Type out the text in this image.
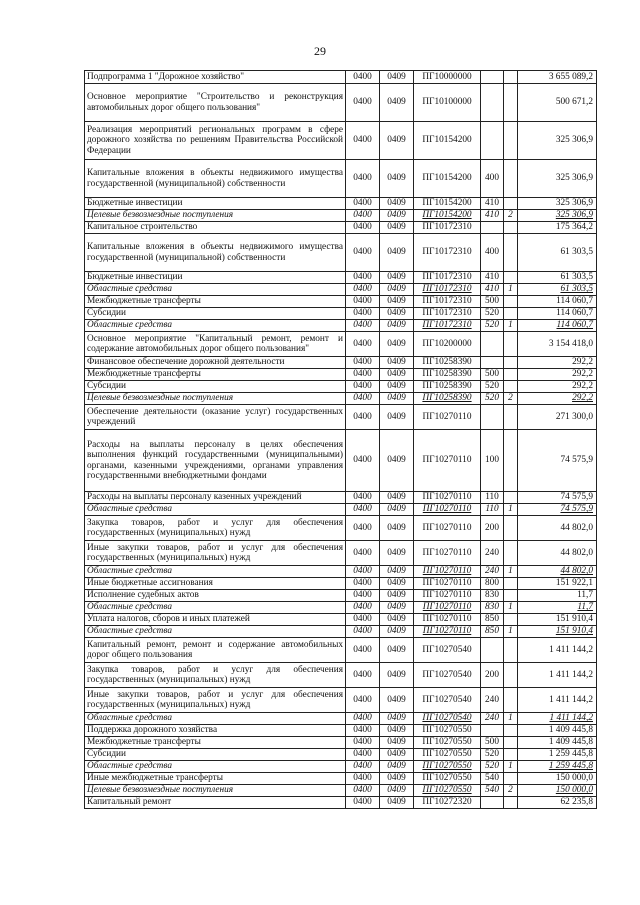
29
Подпрограмма 1 "Дорожное хозяйство"	0400	0409	ПГ10000000			3 655 089,2
Основное мероприятие "Строительство и реконструкция автомобильных дорог общего пользования"	0400	0409	ПГ10100000			500 671,2
Реализация мероприятий региональных программ в сфере дорожного хозяйства по решениям Правительства Российской Федерации	0400	0409	ПГ10154200			325 306,9
Капитальные вложения в объекты недвижимого имущества государственной (муниципальной) собственности	0400	0409	ПГ10154200	400		325 306,9
Бюджетные инвестиции	0400	0409	ПГ10154200	410		325 306,9
Целевые безвозмездные поступления	0400	0409	ПГ10154200	410	2	325 306,9
Капитальное строительство	0400	0409	ПГ10172310			175 364,2
Капитальные вложения в объекты недвижимого имущества государственной (муниципальной) собственности	0400	0409	ПГ10172310	400		61 303,5
Бюджетные инвестиции	0400	0409	ПГ10172310	410		61 303,5
Областные средства	0400	0409	ПГ10172310	410	1	61 303,5
Межбюджетные трансферты	0400	0409	ПГ10172310	500		114 060,7
Субсидии	0400	0409	ПГ10172310	520		114 060,7
Областные средства	0400	0409	ПГ10172310	520	1	114 060,7
Основное мероприятие "Капитальный ремонт, ремонт и содержание автомобильных дорог общего пользования"	0400	0409	ПГ10200000			3 154 418,0
Финансовое обеспечение дорожной деятельности	0400	0409	ПГ10258390			292,2
Межбюджетные трансферты	0400	0409	ПГ10258390	500		292,2
Субсидии	0400	0409	ПГ10258390	520		292,2
Целевые безвозмездные поступления	0400	0409	ПГ10258390	520	2	292,2
Обеспечение деятельности (оказание услуг) государственных учреждений	0400	0409	ПГ10270110			271 300,0
Расходы на выплаты персоналу в целях обеспечения выполнения функций государственными (муниципальными) органами, казенными учреждениями, органами управления государственными внебюджетными фондами	0400	0409	ПГ10270110	100		74 575,9
Расходы на выплаты персоналу казенных учреждений	0400	0409	ПГ10270110	110		74 575,9
Областные средства	0400	0409	ПГ10270110	110	1	74 575,9
Закупка товаров, работ и услуг для обеспечения государственных (муниципальных) нужд	0400	0409	ПГ10270110	200		44 802,0
Иные закупки товаров, работ и услуг для обеспечения государственных (муниципальных) нужд	0400	0409	ПГ10270110	240		44 802,0
Областные средства	0400	0409	ПГ10270110	240	1	44 802,0
Иные бюджетные ассигнования	0400	0409	ПГ10270110	800		151 922,1
Исполнение судебных актов	0400	0409	ПГ10270110	830		11,7
Областные средства	0400	0409	ПГ10270110	830	1	11,7
Уплата налогов, сборов и иных платежей	0400	0409	ПГ10270110	850		151 910,4
Областные средства	0400	0409	ПГ10270110	850	1	151 910,4
Капитальный ремонт, ремонт и содержание автомобильных дорог общего пользования	0400	0409	ПГ10270540			1 411 144,2
Закупка товаров, работ и услуг для обеспечения государственных (муниципальных) нужд	0400	0409	ПГ10270540	200		1 411 144,2
Иные закупки товаров, работ и услуг для обеспечения государственных (муниципальных) нужд	0400	0409	ПГ10270540	240		1 411 144,2
Областные средства	0400	0409	ПГ10270540	240	1	1 411 144,2
Поддержка дорожного хозяйства	0400	0409	ПГ10270550			1 409 445,8
Межбюджетные трансферты	0400	0409	ПГ10270550	500		1 409 445,8
Субсидии	0400	0409	ПГ10270550	520		1 259 445,8
Областные средства	0400	0409	ПГ10270550	520	1	1 259 445,8
Иные межбюджетные трансферты	0400	0409	ПГ10270550	540		150 000,0
Целевые безвозмездные поступления	0400	0409	ПГ10270550	540	2	150 000,0
Капитальный ремонт	0400	0409	ПГ10272320			62 235,8
